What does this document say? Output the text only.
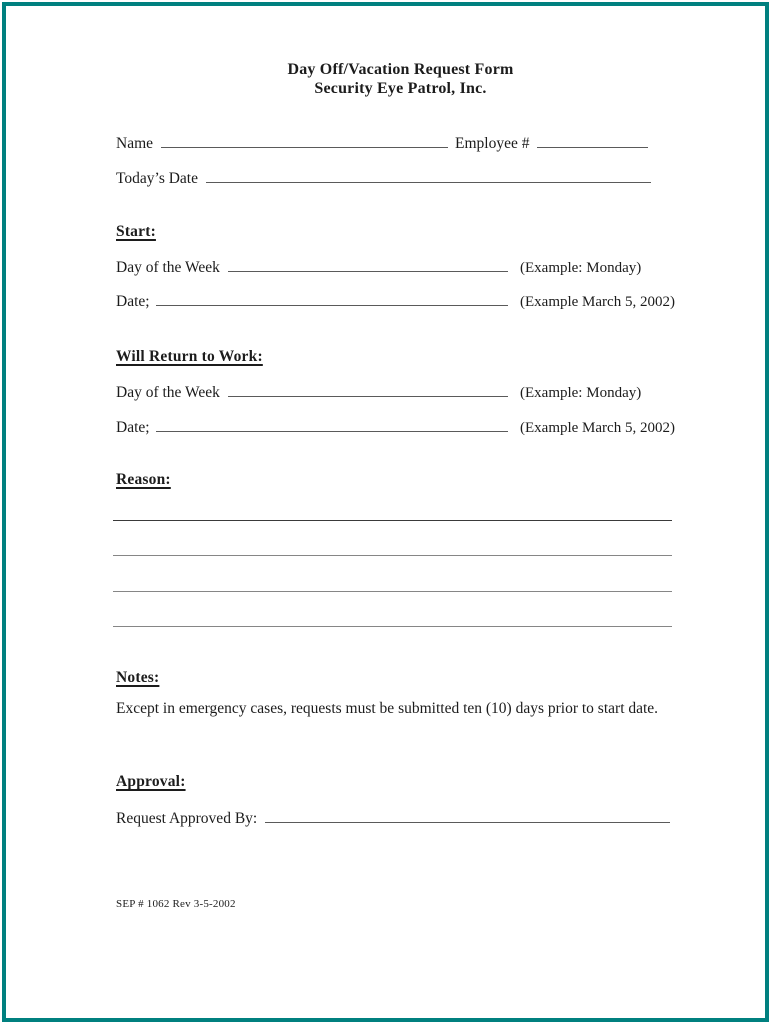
Day Off/Vacation Request Form
Security Eye Patrol, Inc.
Name	Employee #
Today’s Date
Start:
Day of the Week	(Example: Monday)
Date;	(Example March 5, 2002)
Will Return to Work:
Day of the Week	(Example: Monday)
Date;	(Example March 5, 2002)
Reason:
Notes:
Except in emergency cases, requests must be submitted ten (10) days prior to start date.
Approval:
Request Approved By:
SEP # 1062 Rev 3-5-2002
